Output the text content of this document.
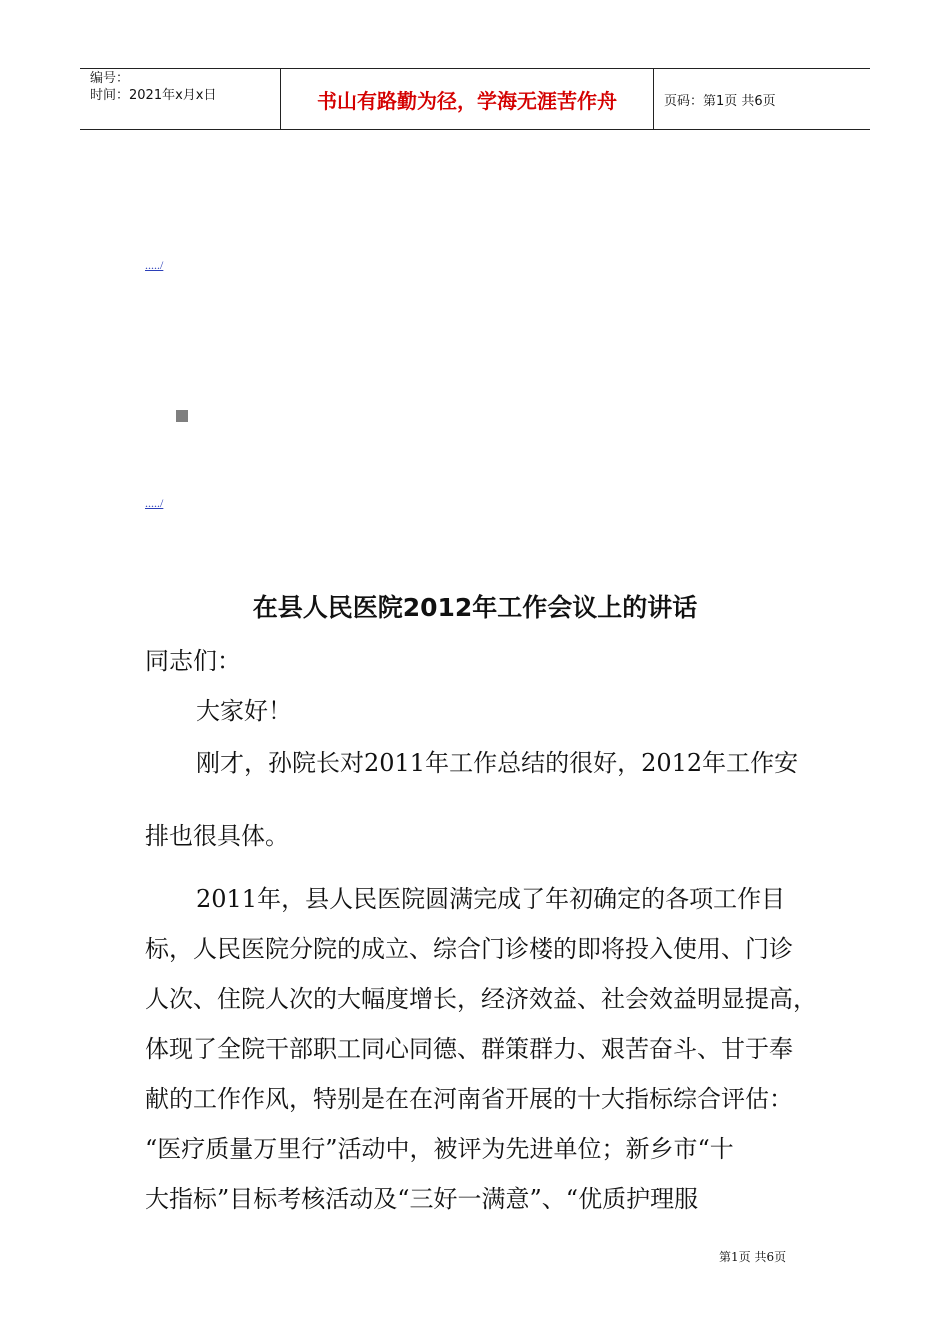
编号：
时间：2021年x月x日	书山有路勤为径，学海无涯苦作舟	页码：第1页 共6页
...../
...../
在县人民医院2012年工作会议上的讲话
同志们：
大家好！
刚才，孙院长对2011年工作总结的很好，2012年工作安
排也很具体。
2011年，县人民医院圆满完成了年初确定的各项工作目
标，人民医院分院的成立、综合门诊楼的即将投入使用、门诊
人次、住院人次的大幅度增长，经济效益、社会效益明显提高，
体现了全院干部职工同心同德、群策群力、艰苦奋斗、甘于奉
献的工作作风，特别是在在河南省开展的十大指标综合评估：
“医疗质量万里行”活动中，被评为先进单位；新乡市“十
大指标”目标考核活动及“三好一满意”、“优质护理服
第1页 共6页
